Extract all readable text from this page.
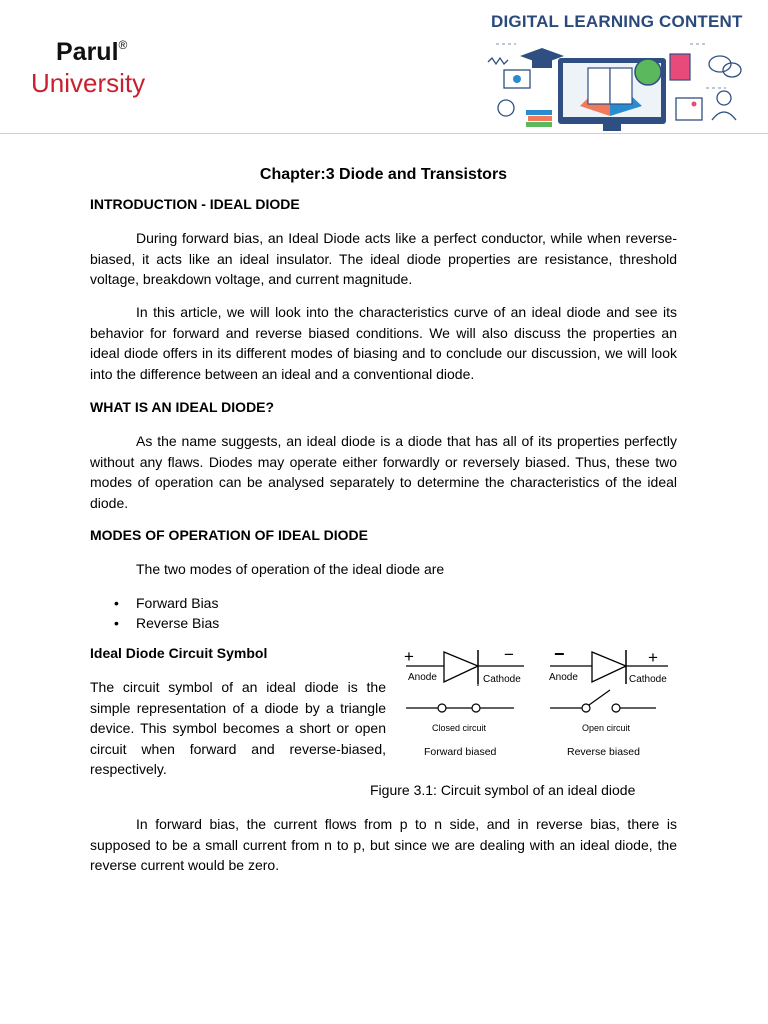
Parul®
University
DIGITAL LEARNING CONTENT
Chapter:3 Diode and Transistors
INTRODUCTION - IDEAL DIODE

During forward bias, an Ideal Diode acts like a perfect conductor, while when reverse-biased, it acts like an ideal insulator. The ideal diode properties are resistance, threshold voltage, breakdown voltage, and current magnitude.

In this article, we will look into the characteristics curve of an ideal diode and see its behavior for forward and reverse biased conditions. We will also discuss the properties an ideal diode offers in its different modes of biasing and to conclude our discussion, we will look into the difference between an ideal and a conventional diode.

WHAT IS AN IDEAL DIODE?

As the name suggests, an ideal diode is a diode that has all of its properties perfectly without any flaws. Diodes may operate either forwardly or reversely biased. Thus, these two modes of operation can be analysed separately to determine the characteristics of the ideal diode.

MODES OF OPERATION OF IDEAL DIODE

The two modes of operation of the ideal diode are

• Forward Bias
• Reverse Bias
Ideal Diode Circuit Symbol
The circuit symbol of an ideal diode is the simple representation of a diode by a triangle device. This symbol becomes a short or open circuit when forward and reverse-biased, respectively.

In forward bias, the current flows from p to n side, and in reverse bias, there is supposed to be a small current from n to p, but since we are dealing with an ideal diode, the reverse current would be zero.

+	−
Anode	Cathode
Closed circuit
Forward biased
−	+
Anode	Cathode
Open circuit
Reverse biased
Figure 3.1: Circuit symbol of an ideal diode
